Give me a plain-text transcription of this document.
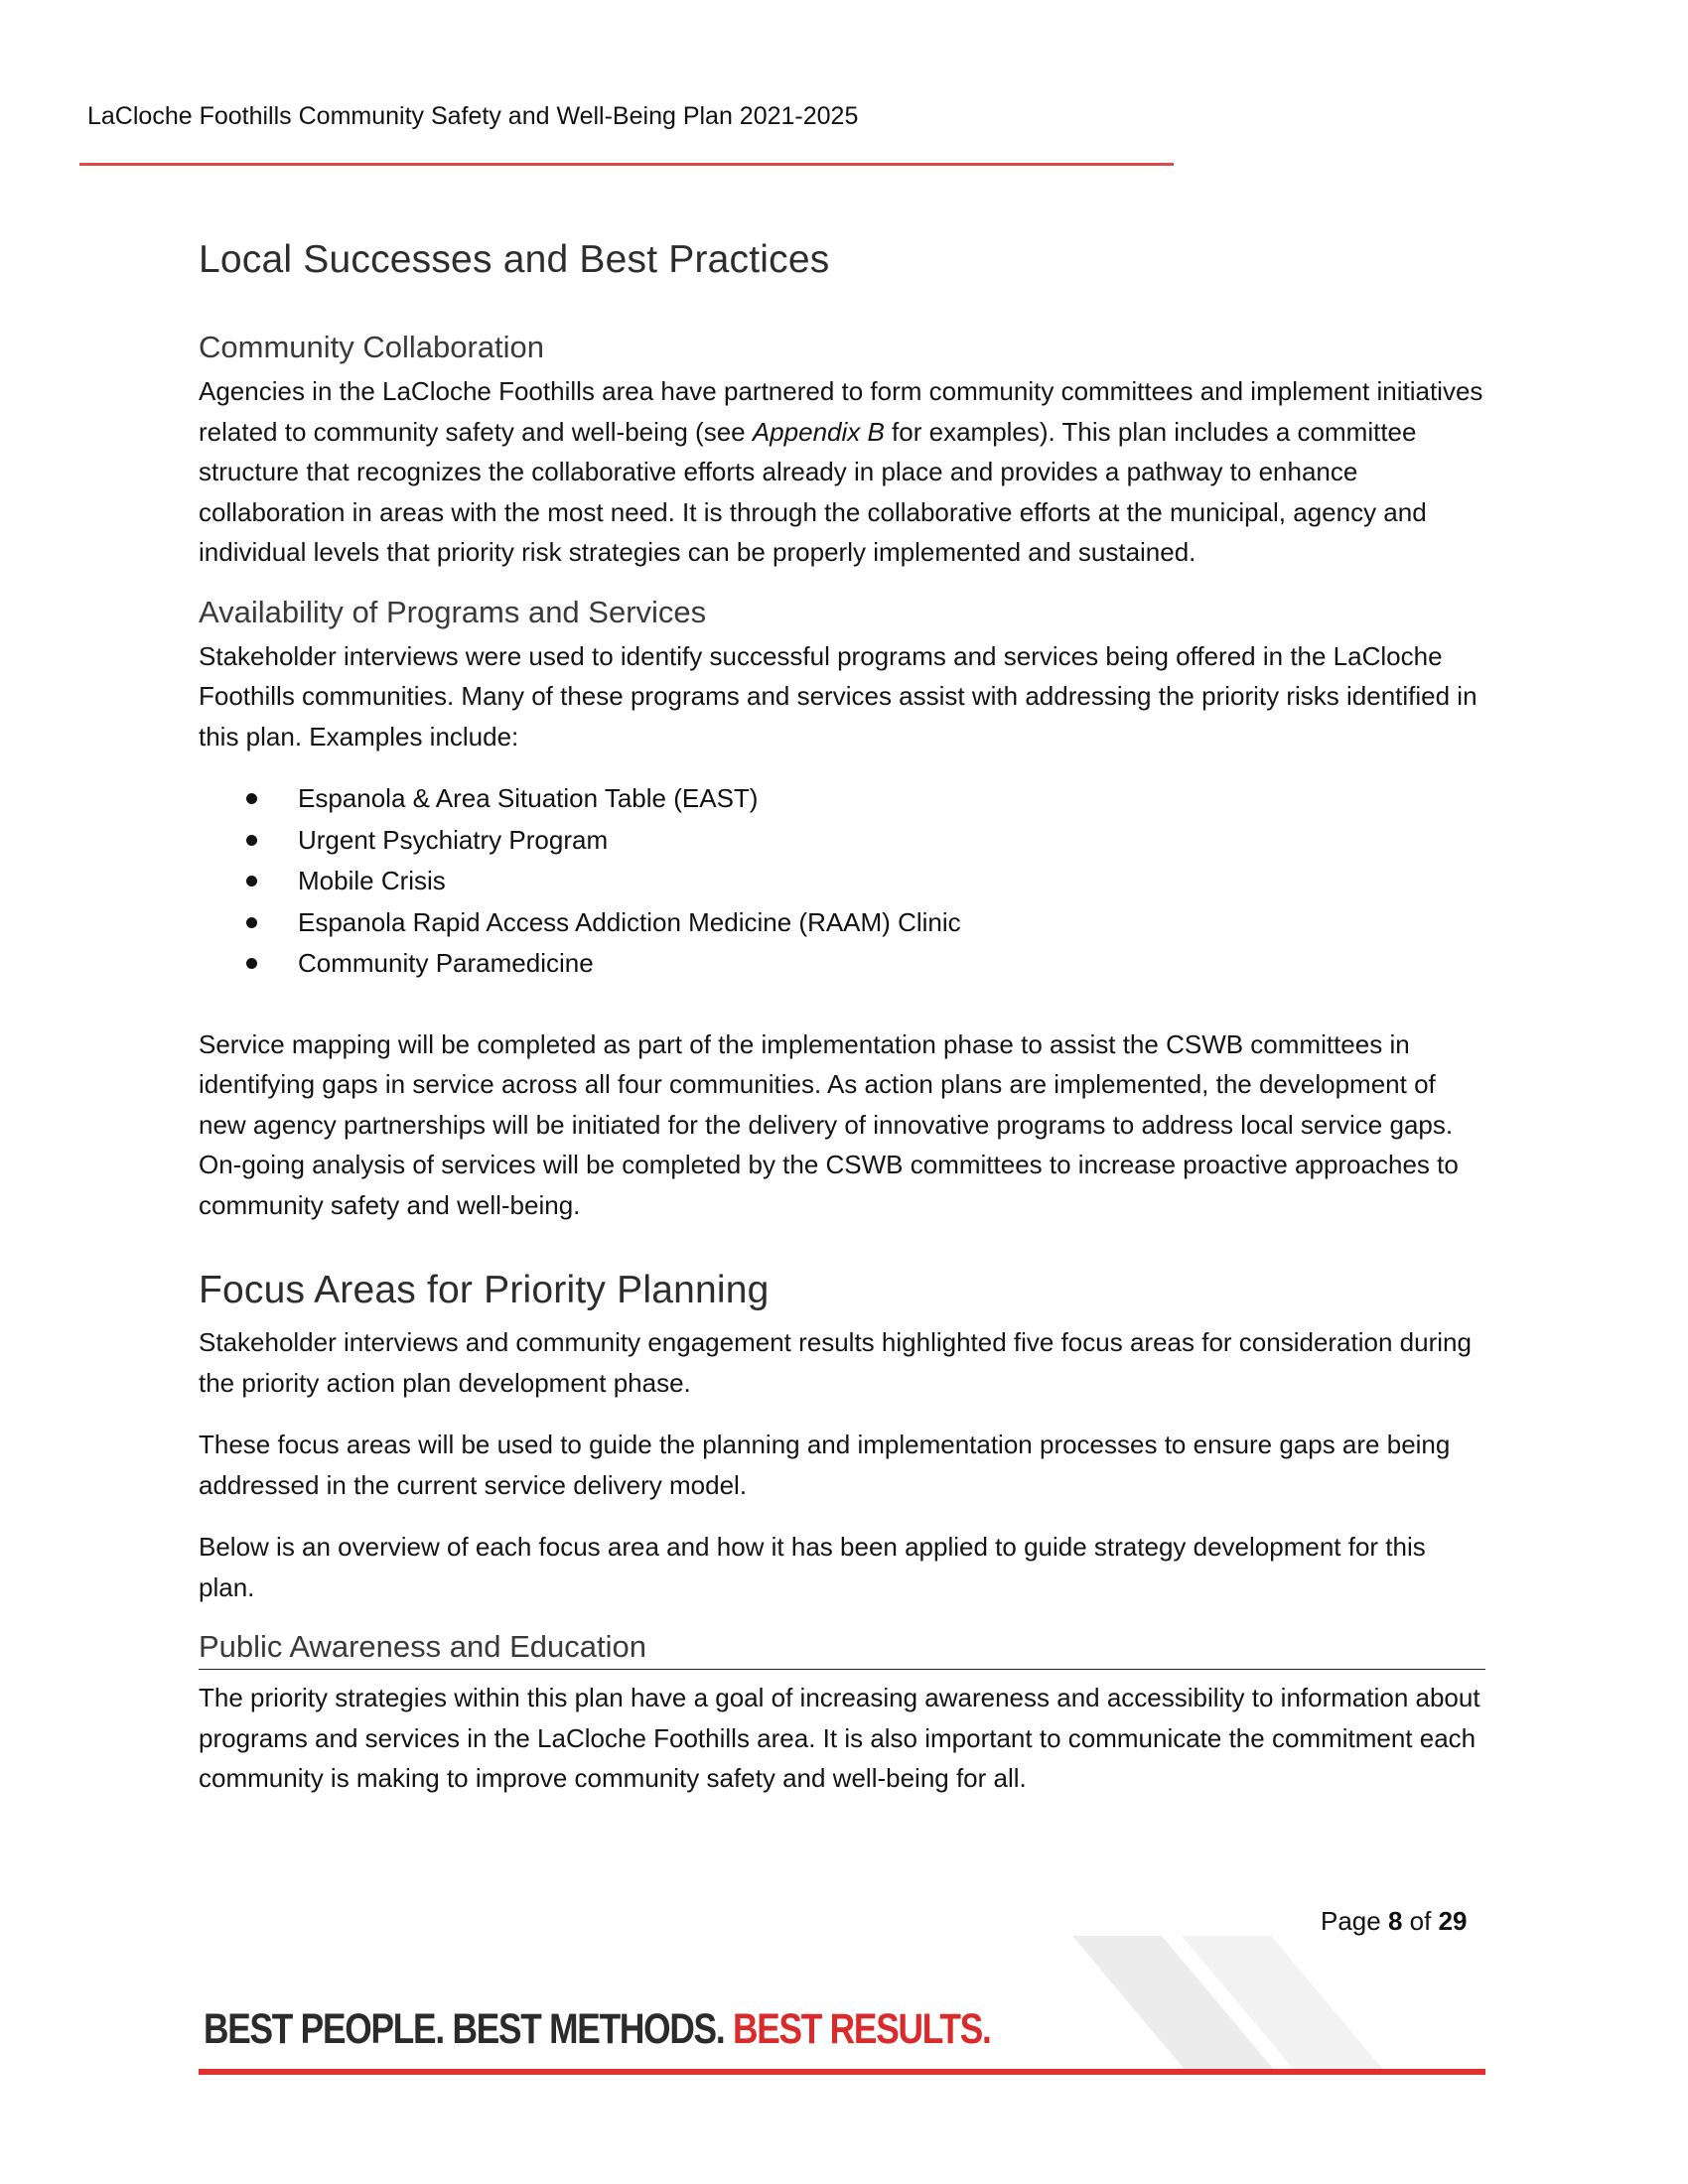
LaCloche Foothills Community Safety and Well-Being Plan 2021-2025
Local Successes and Best Practices
Community Collaboration

Agencies in the LaCloche Foothills area have partnered to form community committees and implement initiatives related to community safety and well-being (see Appendix B for examples). This plan includes a committee structure that recognizes the collaborative efforts already in place and provides a pathway to enhance collaboration in areas with the most need. It is through the collaborative efforts at the municipal, agency and individual levels that priority risk strategies can be properly implemented and sustained.

Availability of Programs and Services

Stakeholder interviews were used to identify successful programs and services being offered in the LaCloche Foothills communities. Many of these programs and services assist with addressing the priority risks identified in this plan. Examples include:

Espanola & Area Situation Table (EAST)
Urgent Psychiatry Program
Mobile Crisis
Espanola Rapid Access Addiction Medicine (RAAM) Clinic
Community Paramedicine

Service mapping will be completed as part of the implementation phase to assist the CSWB committees in identifying gaps in service across all four communities. As action plans are implemented, the development of new agency partnerships will be initiated for the delivery of innovative programs to address local service gaps. On-going analysis of services will be completed by the CSWB committees to increase proactive approaches to community safety and well-being.

Focus Areas for Priority Planning

Stakeholder interviews and community engagement results highlighted five focus areas for consideration during the priority action plan development phase.

These focus areas will be used to guide the planning and implementation processes to ensure gaps are being addressed in the current service delivery model.

Below is an overview of each focus area and how it has been applied to guide strategy development for this plan.

Public Awareness and Education

The priority strategies within this plan have a goal of increasing awareness and accessibility to information about programs and services in the LaCloche Foothills area. It is also important to communicate the commitment each community is making to improve community safety and well-being for all.

Page 8 of 29
BEST PEOPLE. BEST METHODS. BEST RESULTS.
